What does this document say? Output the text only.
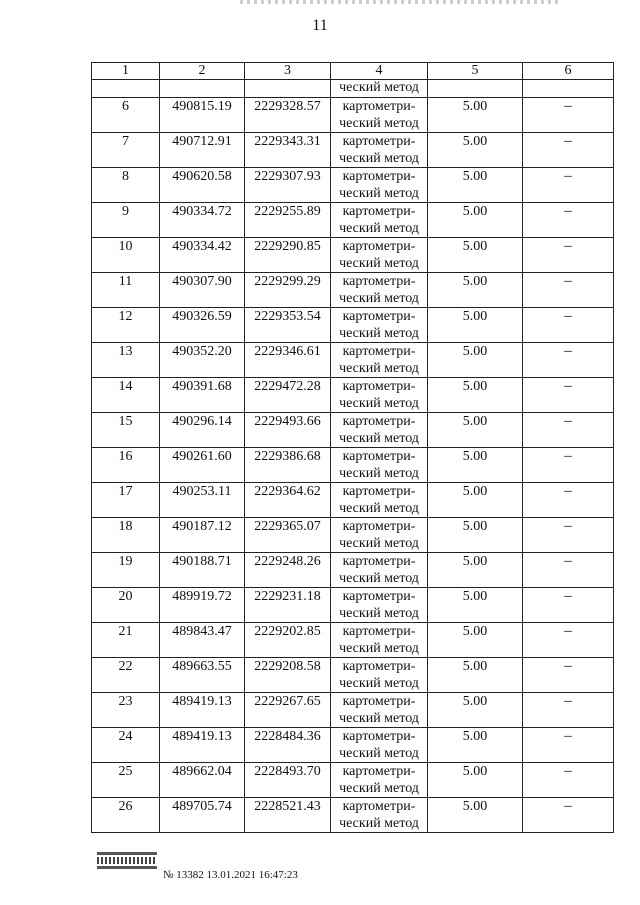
11
1	2	3	4	5	6
			ческий метод		
6	490815.19	2229328.57	картометри-
ческий метод	5.00	–
7	490712.91	2229343.31	картометри-
ческий метод	5.00	–
8	490620.58	2229307.93	картометри-
ческий метод	5.00	–
9	490334.72	2229255.89	картометри-
ческий метод	5.00	–
10	490334.42	2229290.85	картометри-
ческий метод	5.00	–
11	490307.90	2229299.29	картометри-
ческий метод	5.00	–
12	490326.59	2229353.54	картометри-
ческий метод	5.00	–
13	490352.20	2229346.61	картометри-
ческий метод	5.00	–
14	490391.68	2229472.28	картометри-
ческий метод	5.00	–
15	490296.14	2229493.66	картометри-
ческий метод	5.00	–
16	490261.60	2229386.68	картометри-
ческий метод	5.00	–
17	490253.11	2229364.62	картометри-
ческий метод	5.00	–
18	490187.12	2229365.07	картометри-
ческий метод	5.00	–
19	490188.71	2229248.26	картометри-
ческий метод	5.00	–
20	489919.72	2229231.18	картометри-
ческий метод	5.00	–
21	489843.47	2229202.85	картометри-
ческий метод	5.00	–
22	489663.55	2229208.58	картометри-
ческий метод	5.00	–
23	489419.13	2229267.65	картометри-
ческий метод	5.00	–
24	489419.13	2228484.36	картометри-
ческий метод	5.00	–
25	489662.04	2228493.70	картометри-
ческий метод	5.00	–
26	489705.74	2228521.43	картометри-
ческий метод	5.00	–
№ 13382 13.01.2021 16:47:23
